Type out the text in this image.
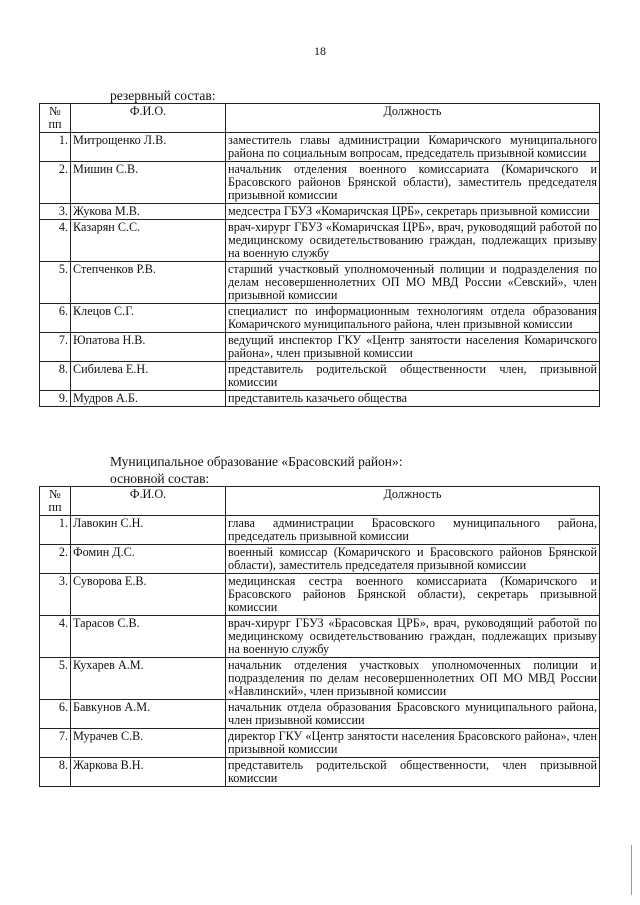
18
резервный состав:
№ пп	Ф.И.О.	Должность
1.	Митрощенко Л.В.	заместитель главы администрации Комаричского муниципального района по социальным вопросам, председатель призывной комиссии
2.	Мишин С.В.	начальник отделения военного комиссариата (Комаричского и Брасовского районов Брянской области), заместитель председателя призывной комиссии
3.	Жукова М.В.	медсестра ГБУЗ «Комаричская ЦРБ», секретарь призывной комиссии
4.	Казарян С.С.	врач-хирург ГБУЗ «Комаричская ЦРБ», врач, руководящий работой по медицинскому освидетельствованию граждан, подлежащих призыву на военную службу
5.	Степченков Р.В.	старший участковый уполномоченный полиции и подразделения по делам несовершеннолетних ОП МО МВД России «Севский», член призывной комиссии
6.	Клецов С.Г.	специалист по информационным технологиям отдела образования Комаричского муниципального района, член призывной комиссии
7.	Юпатова Н.В.	ведущий инспектор ГКУ «Центр занятости населения Комаричского района», член призывной комиссии
8.	Сибилева Е.Н.	представитель родительской общественности член, призывной комиссии
9.	Мудров А.Б.	представитель казачьего общества
Муниципальное образование «Брасовский район»:
основной состав:
№ пп	Ф.И.О.	Должность
1.	Лавокин С.Н.	глава администрации Брасовского муниципального района, председатель призывной комиссии
2.	Фомин Д.С.	военный комиссар (Комаричского и Брасовского районов Брянской области), заместитель председателя призывной комиссии
3.	Суворова Е.В.	медицинская сестра военного комиссариата (Комаричского и Брасовского районов Брянской области), секретарь призывной комиссии
4.	Тарасов С.В.	врач-хирург ГБУЗ «Брасовская ЦРБ», врач, руководящий работой по медицинскому освидетельствованию граждан, подлежащих призыву на военную службу
5.	Кухарев А.М.	начальник отделения участковых уполномоченных полиции и подразделения по делам несовершеннолетних ОП МО МВД России «Навлинский», член призывной комиссии
6.	Бавкунов А.М.	начальник отдела образования Брасовского муниципального района, член призывной комиссии
7.	Мурачев С.В.	директор ГКУ «Центр занятости населения Брасовского района», член призывной комиссии
8.	Жаркова В.Н.	представитель родительской общественности, член призывной комиссии
